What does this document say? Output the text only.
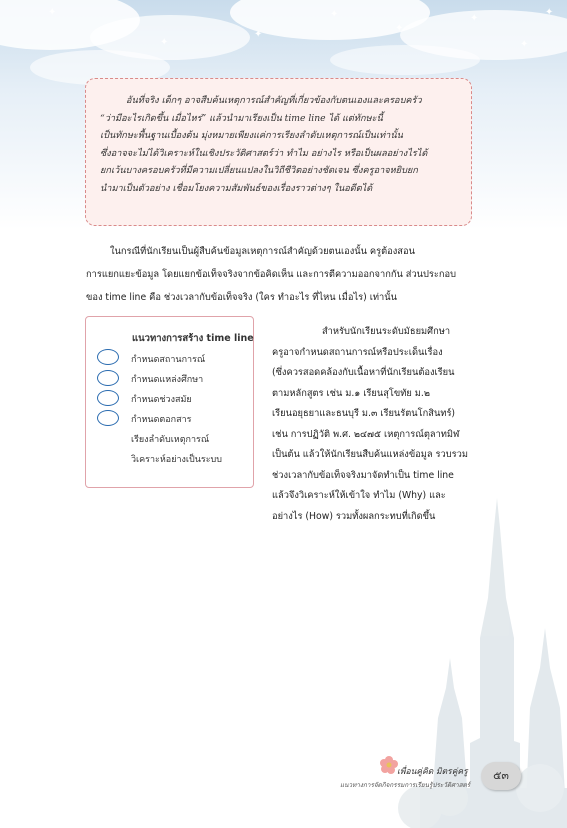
✦
✦
✦
✦
✦
✦
✦
✦

อันที่จริง เด็กๆ อาจสืบค้นเหตุการณ์สำคัญที่เกี่ยวข้องกับตนเองและครอบครัว

“ว่ามีอะไรเกิดขึ้น เมื่อไหร่” แล้วนำมาเรียงเป็น time line ได้ แต่ทักษะนี้

เป็นทักษะพื้นฐานเบื้องต้น มุ่งหมายเพียงแค่การเรียงลำดับเหตุการณ์เป็นเท่านั้น

ซึ่งอาจจะไม่ได้วิเคราะห์ในเชิงประวัติศาสตร์ว่า ทำไม อย่างไร หรือเป็นผลอย่างไรได้

ยกเว้นบางครอบครัวที่มีความเปลี่ยนแปลงในวิถีชีวิตอย่างชัดเจน ซึ่งครูอาจหยิบยก

นำมาเป็นตัวอย่าง เชื่อมโยงความสัมพันธ์ของเรื่องราวต่างๆ ในอดีตได้

ในกรณีที่นักเรียนเป็นผู้สืบค้นข้อมูลเหตุการณ์สำคัญด้วยตนเองนั้น ครูต้องสอน

การแยกแยะข้อมูล โดยแยกข้อเท็จจริงจากข้อคิดเห็น และการตีความออกจากกัน ส่วนประกอบ

ของ time line คือ ช่วงเวลากับข้อเท็จจริง (ใคร ทำอะไร ที่ไหน เมื่อไร) เท่านั้น

แนวทางการสร้าง time line
กำหนดสถานการณ์
กำหนดแหล่งศึกษา
กำหนดช่วงสมัย
กำหนดตอกสาร
เรียงลำดับเหตุการณ์
วิเคราะห์อย่างเป็นระบบ

สำหรับนักเรียนระดับมัธยมศึกษา

ครูอาจกำหนดสถานการณ์หรือประเด็นเรื่อง

(ซึ่งควรสอดคล้องกับเนื้อหาที่นักเรียนต้องเรียน

ตามหลักสูตร เช่น ม.๑ เรียนสุโขทัย ม.๒

เรียนอยุธยาและธนบุรี ม.๓ เรียนรัตนโกสินทร์)

เช่น การปฏิวัติ พ.ศ. ๒๔๗๕ เหตุการณ์ตุลาทมิฬ

เป็นต้น แล้วให้นักเรียนสืบค้นแหล่งข้อมูล รวบรวม

ช่วงเวลากับข้อเท็จจริงมาจัดทำเป็น time line

แล้วจึงวิเคราะห์ให้เข้าใจ ทำไม (Why) และ

อย่างไร (How) รวมทั้งผลกระทบที่เกิดขึ้น

เพื่อนคู่คิด มิตรคู่ครู
แนวทางการจัดกิจกรรมการเรียนรู้ประวัติศาสตร์
๕๓
